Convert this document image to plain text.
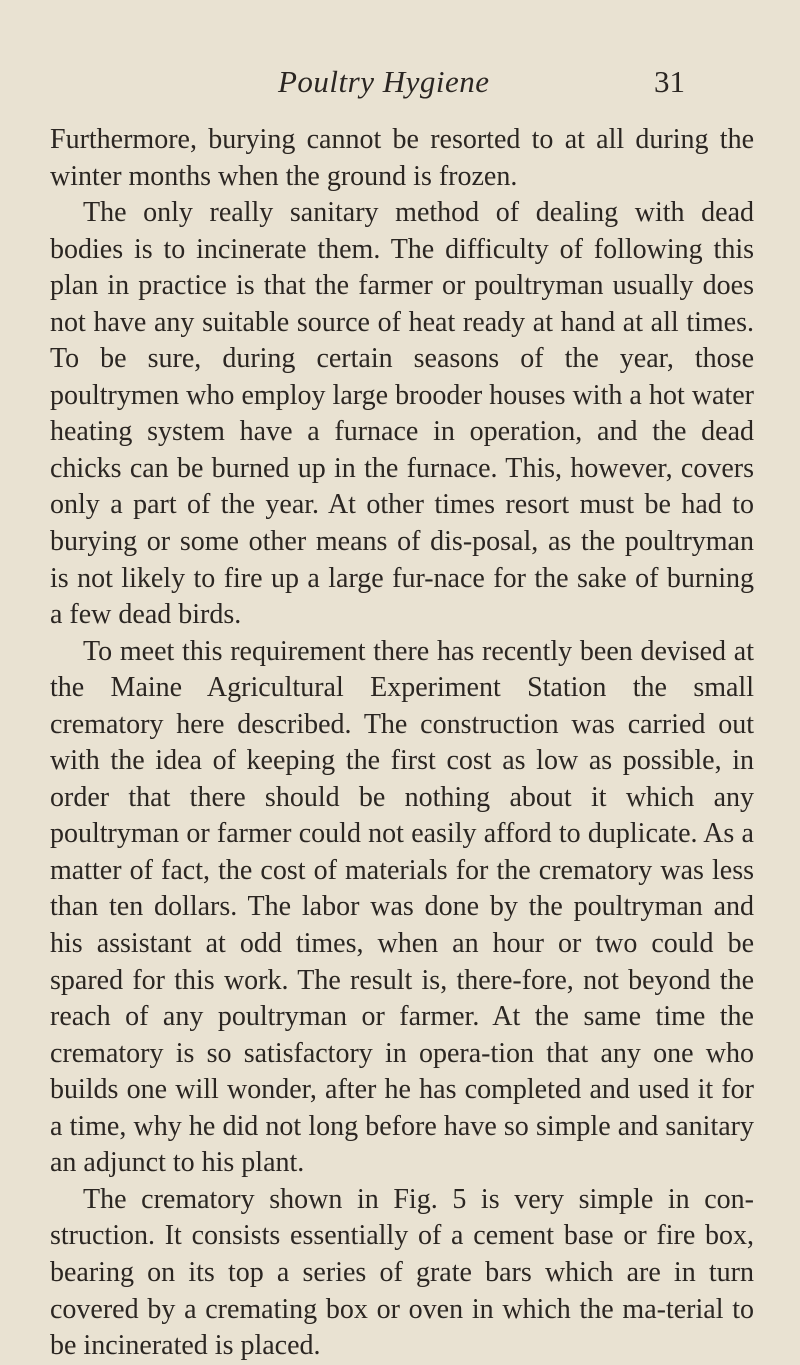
Poultry Hygiene	31

Furthermore, burying cannot be resorted to at all during the winter months when the ground is frozen.

The only really sanitary method of dealing with dead bodies is to incinerate them. The difficulty of following this plan in practice is that the farmer or poultryman usually does not have any suitable source of heat ready at hand at all times. To be sure, during certain seasons of the year, those poultrymen who employ large brooder houses with a hot water heating system have a furnace in operation, and the dead chicks can be burned up in the furnace. This, however, covers only a part of the year. At other times resort must be had to burying or some other means of dis-posal, as the poultryman is not likely to fire up a large fur-nace for the sake of burning a few dead birds.

To meet this requirement there has recently been devised at the Maine Agricultural Experiment Station the small crematory here described. The construction was carried out with the idea of keeping the first cost as low as possible, in order that there should be nothing about it which any poultryman or farmer could not easily afford to duplicate. As a matter of fact, the cost of materials for the crematory was less than ten dollars. The labor was done by the poultryman and his assistant at odd times, when an hour or two could be spared for this work. The result is, there-fore, not beyond the reach of any poultryman or farmer. At the same time the crematory is so satisfactory in opera-tion that any one who builds one will wonder, after he has completed and used it for a time, why he did not long before have so simple and sanitary an adjunct to his plant.

The crematory shown in Fig. 5 is very simple in con-struction. It consists essentially of a cement base or fire box, bearing on its top a series of grate bars which are in turn covered by a cremating box or oven in which the ma-terial to be incinerated is placed.
